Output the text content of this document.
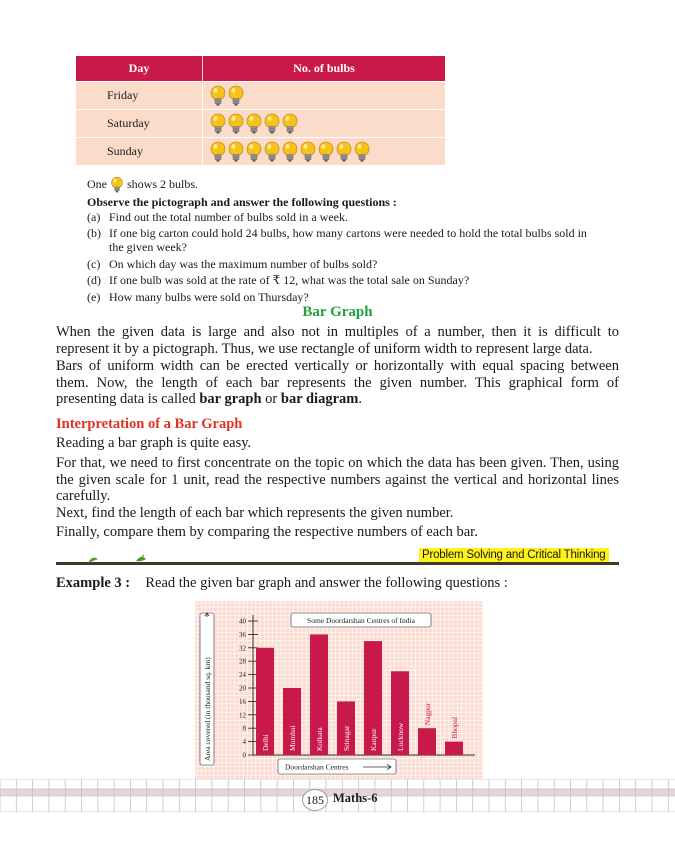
Day	No. of bulbs
Friday	

Saturday	

Sunday	
One shows 2 bulbs.
Observe the pictograph and answer the following questions :
(a) Find out the total number of bulbs sold in a week.
(b) If one big carton could hold 24 bulbs, how many cartons were needed to hold the total bulbs sold in
the given week?
(c) On which day was the maximum number of bulbs sold?
(d) If one bulb was sold at the rate of ₹ 12, what was the total sale on Sunday?
(e) How many bulbs were sold on Thursday?
Bar Graph
When the given data is large and also not in multiples of a number, then it is difficult to represent it by a pictograph. Thus, we use rectangle of uniform width to represent large data.
Bars of uniform width can be erected vertically or horizontally with equal spacing between them. Now, the length of each bar represents the given number. This graphical form of presenting data is called bar graph or bar diagram.
Interpretation of a Bar Graph
Reading a bar graph is quite easy.
For that, we need to first concentrate on the topic on which the data has been given. Then, using the given scale for 1 unit, read the respective numbers against the vertical and horizontal lines carefully.
Next, find the length of each bar which represents the given number.
Finally, compare them by comparing the respective numbers of each bar.
Problem Solving and Critical Thinking
Example 3 : Read the given bar graph and answer the following questions :
0
4
8
12
16
20
24
28
32
36
40
Delhi Mumbai Kolkata Srinagar Kanpur Lucknow
Nagpur
Bhopal
Area covered (in thousand sq. km)
Some Doordarshan Centres of India
Doordarshan Centres
185 Maths-6
